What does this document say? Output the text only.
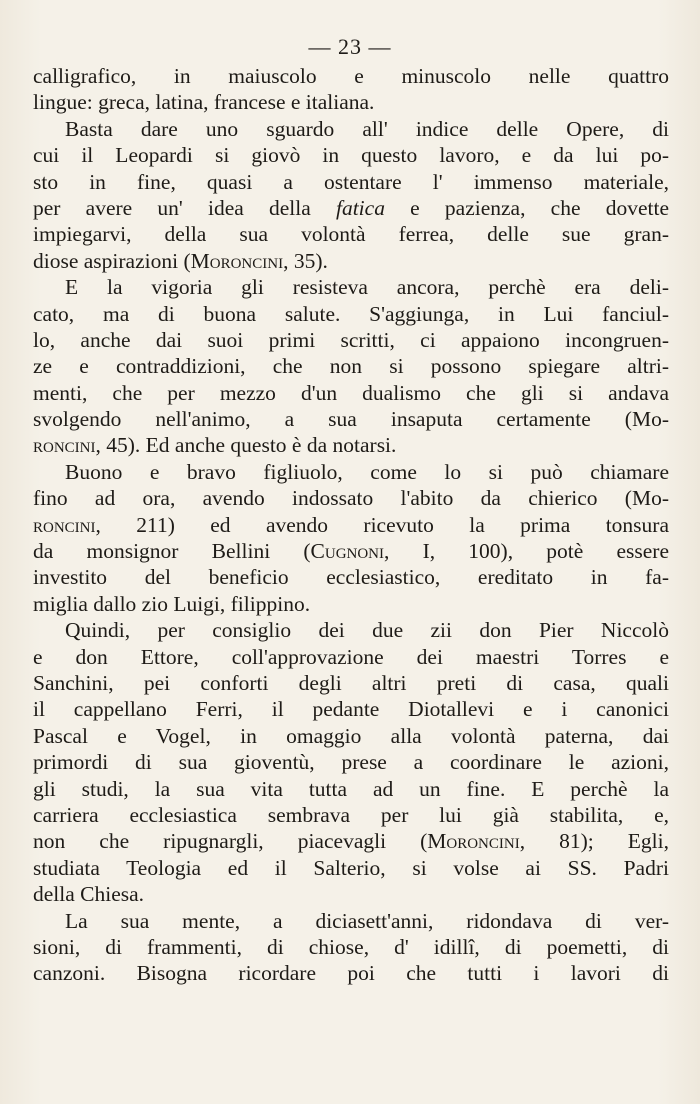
— 23 —
calligrafico, in maiuscolo e minuscolo nelle quattro
lingue: greca, latina, francese e italiana.
Basta dare uno sguardo all' indice delle Opere, di
cui il Leopardi si giovò in questo lavoro, e da lui po-
sto in fine, quasi a ostentare l' immenso materiale,
per avere un' idea della fatica e pazienza, che dovette
impiegarvi, della sua volontà ferrea, delle sue gran-
diose aspirazioni (Moroncini, 35).
E la vigoria gli resisteva ancora, perchè era deli-
cato, ma di buona salute. S'aggiunga, in Lui fanciul-
lo, anche dai suoi primi scritti, ci appaiono incongruen-
ze e contraddizioni, che non si possono spiegare altri-
menti, che per mezzo d'un dualismo che gli si andava
svolgendo nell'animo, a sua insaputa certamente (Mo-
roncini, 45). Ed anche questo è da notarsi.
Buono e bravo figliuolo, come lo si può chiamare
fino ad ora, avendo indossato l'abito da chierico (Mo-
roncini, 211) ed avendo ricevuto la prima tonsura
da monsignor Bellini (Cugnoni, I, 100), potè essere
investito del beneficio ecclesiastico, ereditato in fa-
miglia dallo zio Luigi, filippino.
Quindi, per consiglio dei due zii don Pier Niccolò
e don Ettore, coll'approvazione dei maestri Torres e
Sanchini, pei conforti degli altri preti di casa, quali
il cappellano Ferri, il pedante Diotallevi e i canonici
Pascal e Vogel, in omaggio alla volontà paterna, dai
primordi di sua gioventù, prese a coordinare le azioni,
gli studi, la sua vita tutta ad un fine. E perchè la
carriera ecclesiastica sembrava per lui già stabilita, e,
non che ripugnargli, piacevagli (Moroncini, 81); Egli,
studiata Teologia ed il Salterio, si volse ai SS. Padri
della Chiesa.
La sua mente, a diciasett'anni, ridondava di ver-
sioni, di frammenti, di chiose, d' idillî, di poemetti, di
canzoni. Bisogna ricordare poi che tutti i lavori di
